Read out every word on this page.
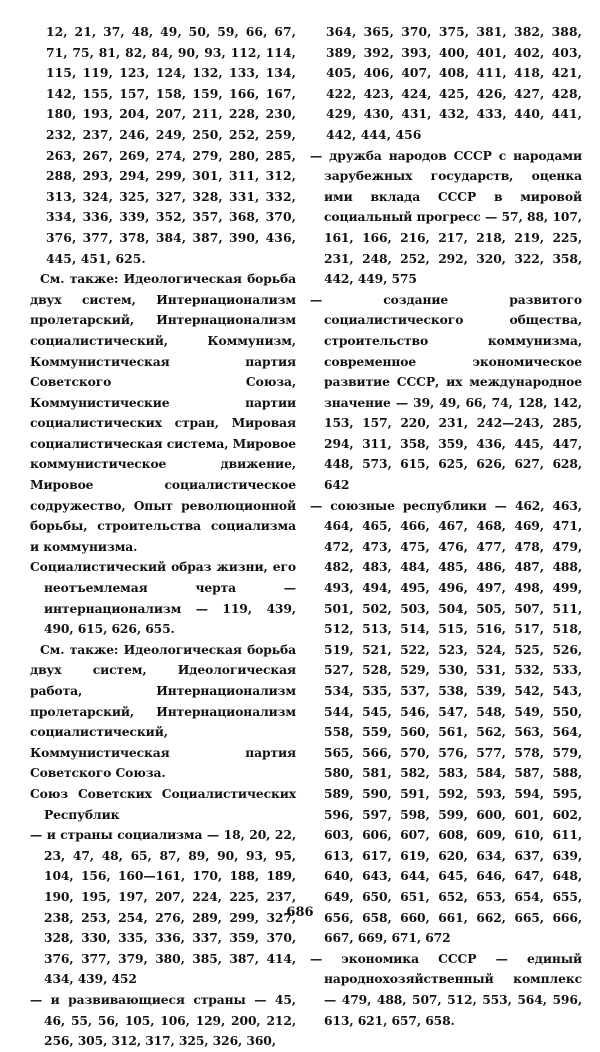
12, 21, 37, 48, 49, 50, 59, 66, 67, 71, 75, 81, 82, 84, 90, 93, 112, 114, 115, 119, 123, 124, 132, 133, 134, 142, 155, 157, 158, 159, 166, 167, 180, 193, 204, 207, 211, 228, 230, 232, 237, 246, 249, 250, 252, 259, 263, 267, 269, 274, 279, 280, 285, 288, 293, 294, 299, 301, 311, 312, 313, 324, 325, 327, 328, 331, 332, 334, 336, 339, 352, 357, 368, 370, 376, 377, 378, 384, 387, 390, 436, 445, 451, 625.

См. также: Идеологическая борьба двух систем, Интернационализм пролетарский, Интернационализм социалистический, Коммунизм, Коммунистическая партия Советского Союза, Коммунистические партии социалистических стран, Мировая социалистическая система, Мировое коммунистическое движение, Мировое социалистическое содружество, Опыт революционной борьбы, строительства социализма и коммунизма.

Социалистический образ жизни, его неотъемлемая черта — интернационализм — 119, 439, 490, 615, 626, 655.

См. также: Идеологическая борьба двух систем, Идеологическая работа, Интернационализм пролетарский, Интернационализм социалистический, Коммунистическая партия Советского Союза.

Союз Советских Социалистических Республик

— и страны социализма — 18, 20, 22, 23, 47, 48, 65, 87, 89, 90, 93, 95, 104, 156, 160—161, 170, 188, 189, 190, 195, 197, 207, 224, 225, 237, 238, 253, 254, 276, 289, 299, 327, 328, 330, 335, 336, 337, 359, 370, 376, 377, 379, 380, 385, 387, 414, 434, 439, 452

— и развивающиеся страны — 45, 46, 55, 56, 105, 106, 129, 200, 212, 256, 305, 312, 317, 325, 326, 360,

364, 365, 370, 375, 381, 382, 388, 389, 392, 393, 400, 401, 402, 403, 405, 406, 407, 408, 411, 418, 421, 422, 423, 424, 425, 426, 427, 428, 429, 430, 431, 432, 433, 440, 441, 442, 444, 456

— дружба народов СССР с народами зарубежных государств, оценка ими вклада СССР в мировой социальный прогресс — 57, 88, 107, 161, 166, 216, 217, 218, 219, 225, 231, 248, 252, 292, 320, 322, 358, 442, 449, 575

— создание развитого социалистического общества, строительство коммунизма, современное экономическое развитие СССР, их международное значение — 39, 49, 66, 74, 128, 142, 153, 157, 220, 231, 242—243, 285, 294, 311, 358, 359, 436, 445, 447, 448, 573, 615, 625, 626, 627, 628, 642

— союзные республики — 462, 463, 464, 465, 466, 467, 468, 469, 471, 472, 473, 475, 476, 477, 478, 479, 482, 483, 484, 485, 486, 487, 488, 493, 494, 495, 496, 497, 498, 499, 501, 502, 503, 504, 505, 507, 511, 512, 513, 514, 515, 516, 517, 518, 519, 521, 522, 523, 524, 525, 526, 527, 528, 529, 530, 531, 532, 533, 534, 535, 537, 538, 539, 542, 543, 544, 545, 546, 547, 548, 549, 550, 558, 559, 560, 561, 562, 563, 564, 565, 566, 570, 576, 577, 578, 579, 580, 581, 582, 583, 584, 587, 588, 589, 590, 591, 592, 593, 594, 595, 596, 597, 598, 599, 600, 601, 602, 603, 606, 607, 608, 609, 610, 611, 613, 617, 619, 620, 634, 637, 639, 640, 643, 644, 645, 646, 647, 648, 649, 650, 651, 652, 653, 654, 655, 656, 658, 660, 661, 662, 665, 666, 667, 669, 671, 672

— экономика СССР — единый народнохозяйственный комплекс — 479, 488, 507, 512, 553, 564, 596, 613, 621, 657, 658.

686
